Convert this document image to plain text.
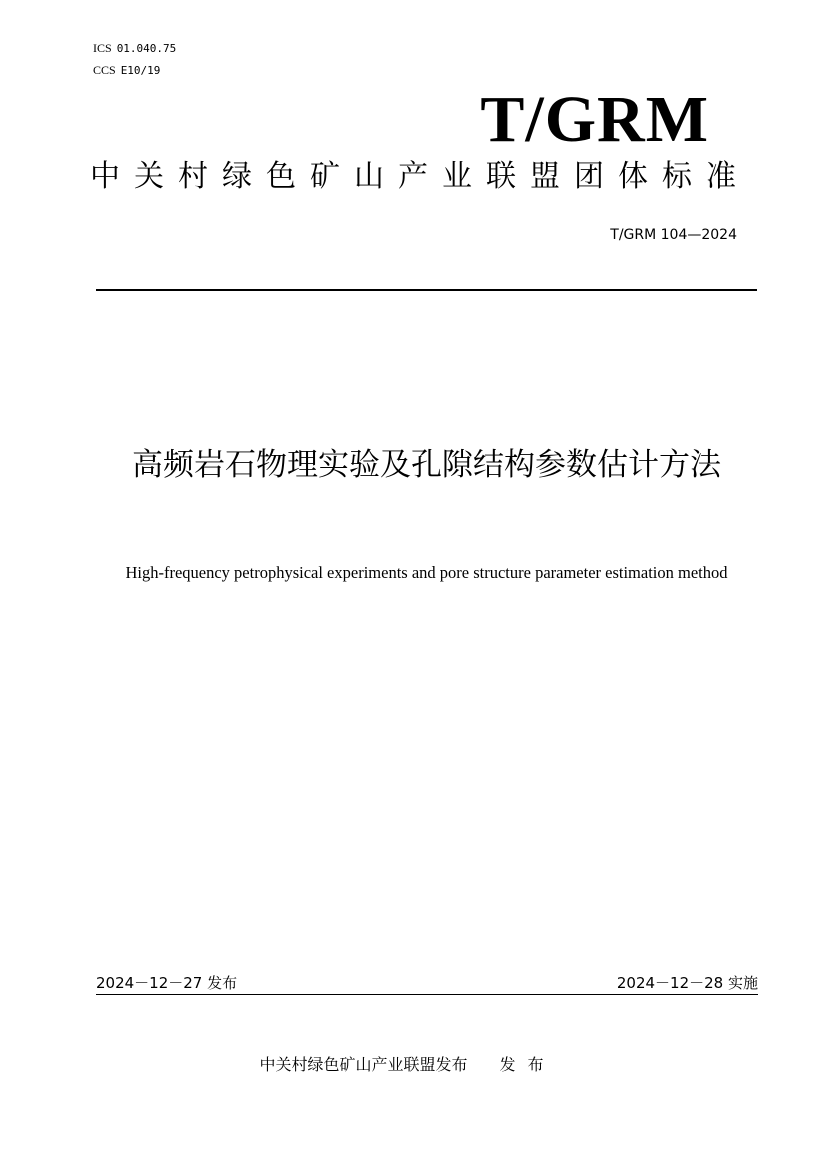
ICS 01.040.75
CCS E10/19
T/GRM
中关村绿色矿山产业联盟团体标准
T/GRM 104—2024
高频岩石物理实验及孔隙结构参数估计方法
High-frequency petrophysical experiments and pore structure parameter estimation method
2024－12－27 发布	2024－12－28 实施
中关村绿色矿山产业联盟发布 发布
